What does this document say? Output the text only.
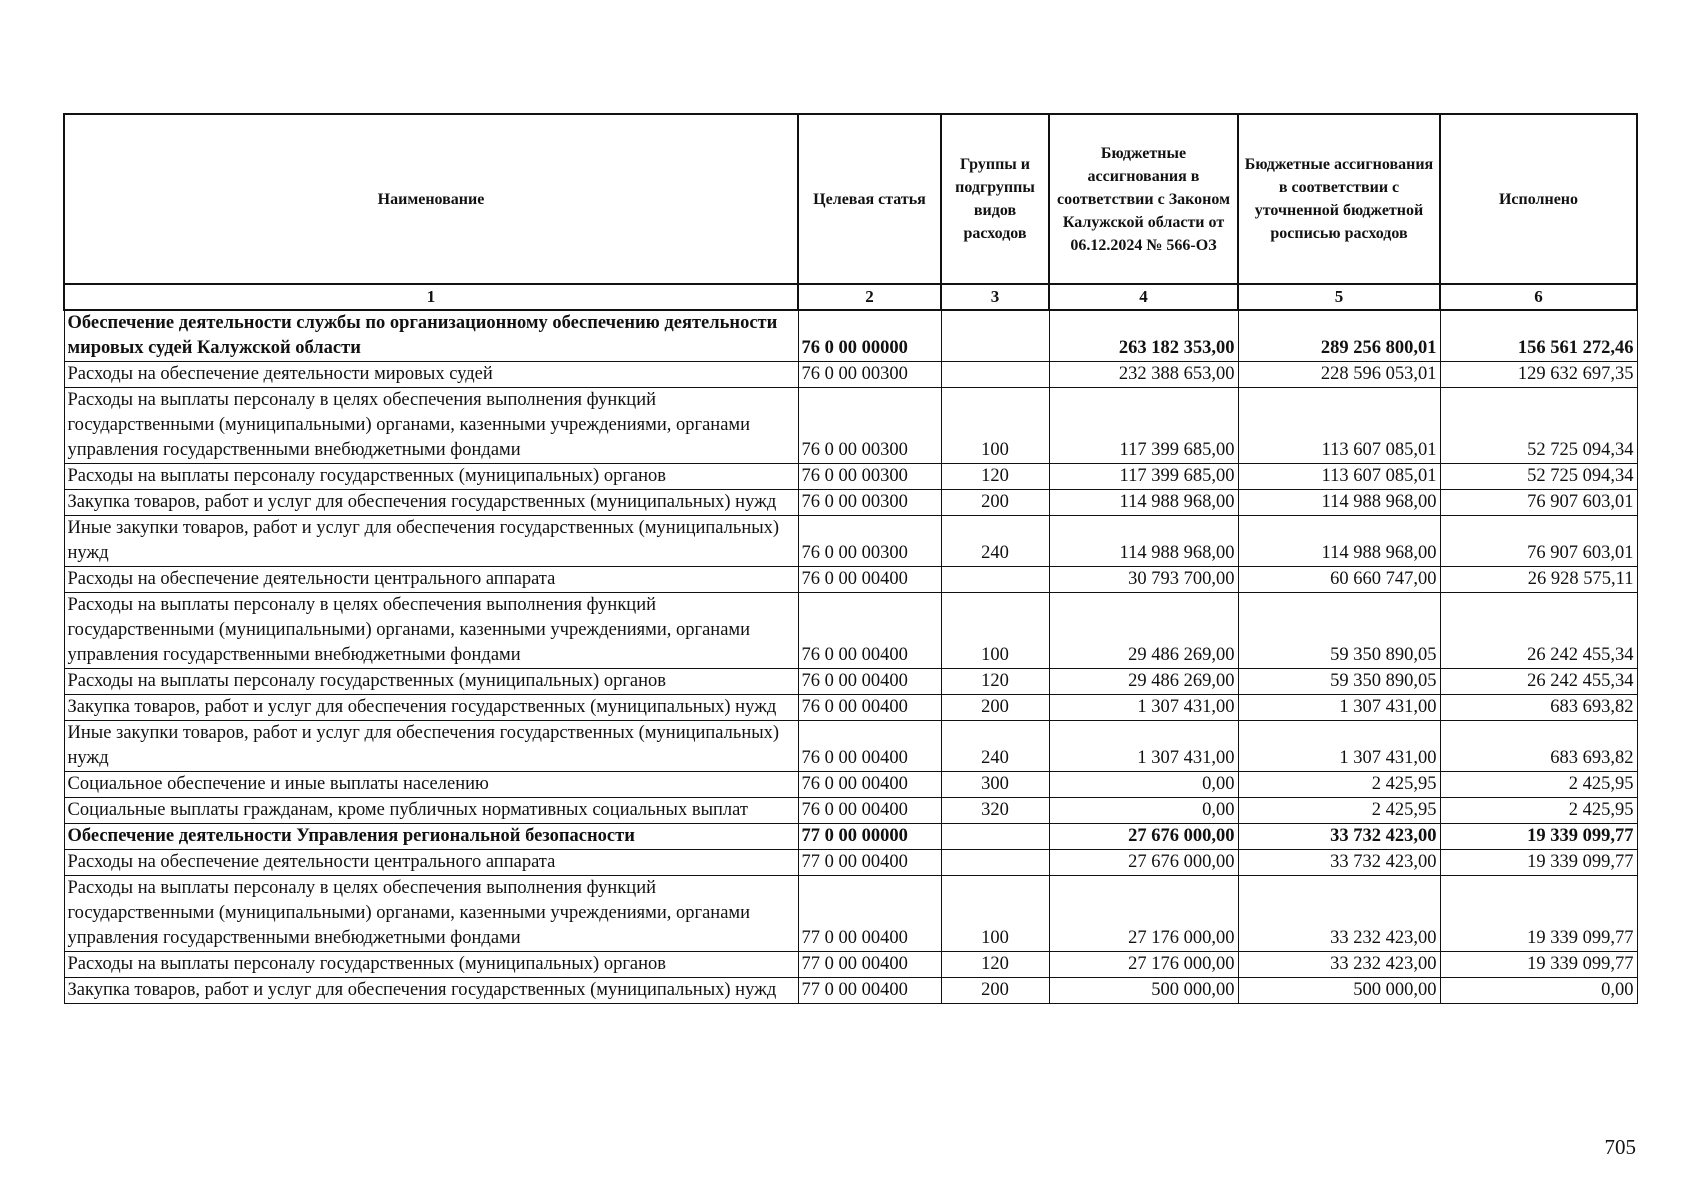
Наименование	Целевая статья	Группы и подгруппы видов расходов	Бюджетные ассигнования в соответствии с Законом Калужской области от 06.12.2024 № 566-ОЗ	Бюджетные ассигнования в соответствии с уточненной бюджетной росписью расходов	Исполнено
1	2	3	4	5	6
Обеспечение деятельности службы по организационному обеспечению деятельности мировых судей Калужской области	76 0 00 00000		263 182 353,00	289 256 800,01	156 561 272,46
Расходы на обеспечение деятельности мировых судей	76 0 00 00300		232 388 653,00	228 596 053,01	129 632 697,35
Расходы на выплаты персоналу в целях обеспечения выполнения функций государственными (муниципальными) органами, казенными учреждениями, органами управления государственными внебюджетными фондами	76 0 00 00300	100	117 399 685,00	113 607 085,01	52 725 094,34
Расходы на выплаты персоналу государственных (муниципальных) органов	76 0 00 00300	120	117 399 685,00	113 607 085,01	52 725 094,34
Закупка товаров, работ и услуг для обеспечения государственных (муниципальных) нужд	76 0 00 00300	200	114 988 968,00	114 988 968,00	76 907 603,01
Иные закупки товаров, работ и услуг для обеспечения государственных (муниципальных) нужд	76 0 00 00300	240	114 988 968,00	114 988 968,00	76 907 603,01
Расходы на обеспечение деятельности центрального аппарата	76 0 00 00400		30 793 700,00	60 660 747,00	26 928 575,11
Расходы на выплаты персоналу в целях обеспечения выполнения функций государственными (муниципальными) органами, казенными учреждениями, органами управления государственными внебюджетными фондами	76 0 00 00400	100	29 486 269,00	59 350 890,05	26 242 455,34
Расходы на выплаты персоналу государственных (муниципальных) органов	76 0 00 00400	120	29 486 269,00	59 350 890,05	26 242 455,34
Закупка товаров, работ и услуг для обеспечения государственных (муниципальных) нужд	76 0 00 00400	200	1 307 431,00	1 307 431,00	683 693,82
Иные закупки товаров, работ и услуг для обеспечения государственных (муниципальных) нужд	76 0 00 00400	240	1 307 431,00	1 307 431,00	683 693,82
Социальное обеспечение и иные выплаты населению	76 0 00 00400	300	0,00	2 425,95	2 425,95
Социальные выплаты гражданам, кроме публичных нормативных социальных выплат	76 0 00 00400	320	0,00	2 425,95	2 425,95
Обеспечение деятельности Управления региональной безопасности	77 0 00 00000		27 676 000,00	33 732 423,00	19 339 099,77
Расходы на обеспечение деятельности центрального аппарата	77 0 00 00400		27 676 000,00	33 732 423,00	19 339 099,77
Расходы на выплаты персоналу в целях обеспечения выполнения функций государственными (муниципальными) органами, казенными учреждениями, органами управления государственными внебюджетными фондами	77 0 00 00400	100	27 176 000,00	33 232 423,00	19 339 099,77
Расходы на выплаты персоналу государственных (муниципальных) органов	77 0 00 00400	120	27 176 000,00	33 232 423,00	19 339 099,77
Закупка товаров, работ и услуг для обеспечения государственных (муниципальных) нужд	77 0 00 00400	200	500 000,00	500 000,00	0,00
705
